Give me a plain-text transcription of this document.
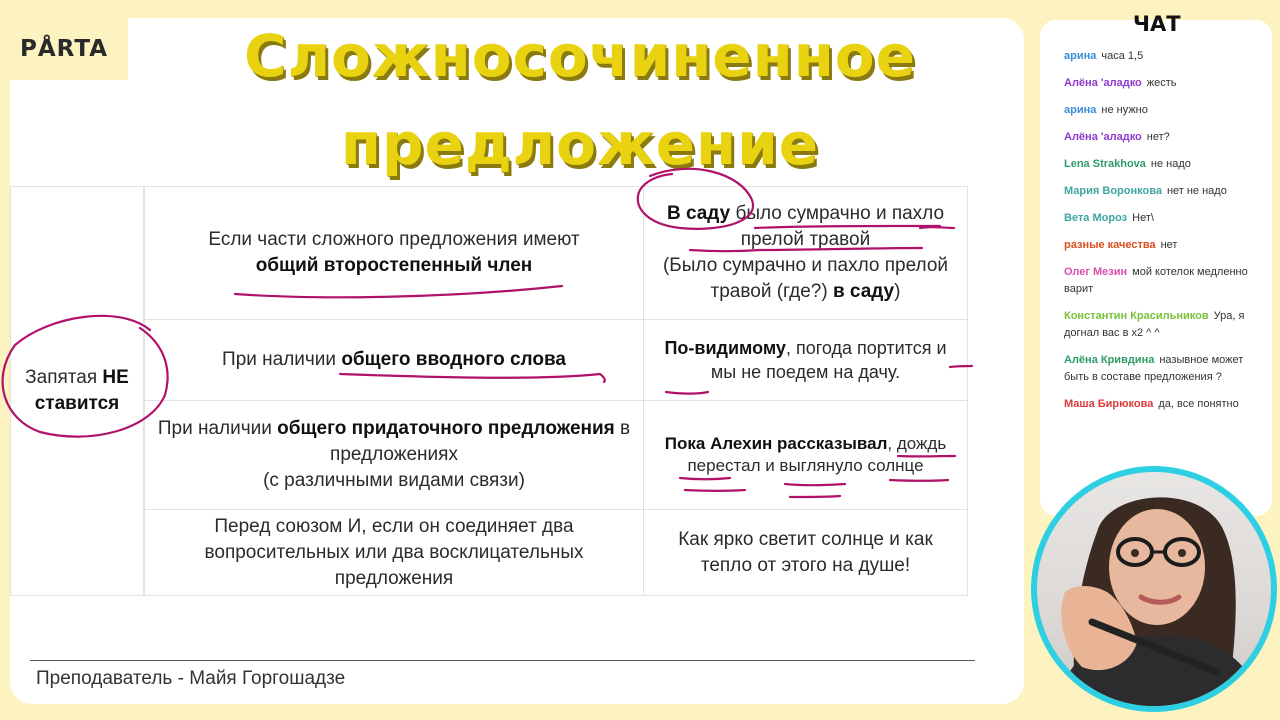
PÅRTA	Сложносочиненное
предложение
Запятая НЕ
ставится
Если части сложного предложения имеют
общий второстепенный член
В саду было сумрачно и пахло прелой травой
(Было сумрачно и пахло прелой травой (где?) в саду)
При наличии общего вводного слова
По-видимому, погода портится и мы не поедем на дачу.
При наличии общего придаточного предложения в предложениях
(с различными видами связи)
Пока Алехин рассказывал, дождь перестал и выглянуло солнце
Перед союзом И, если он соединяет два вопросительных или два восклицательных предложения
Как ярко светит солнце и как тепло от этого на душе!
Преподаватель - Майя Горгошадзе
ЧАТ
арина часа 1,5
Алёна 'аладко жесть
арина не нужно
Алёна 'аладко нет?
Lena Strakhova не надо
Мария Воронкова нет не надо
Вета Мороз Нет\
разные качества нет
Олег Мезин мой котелок медленно варит
Константин Красильников Ура, я догнал вас в х2 ^ ^
Алёна Кривдина назывное может быть в составе предложения ?
Маша Бирюкова да, все понятно
